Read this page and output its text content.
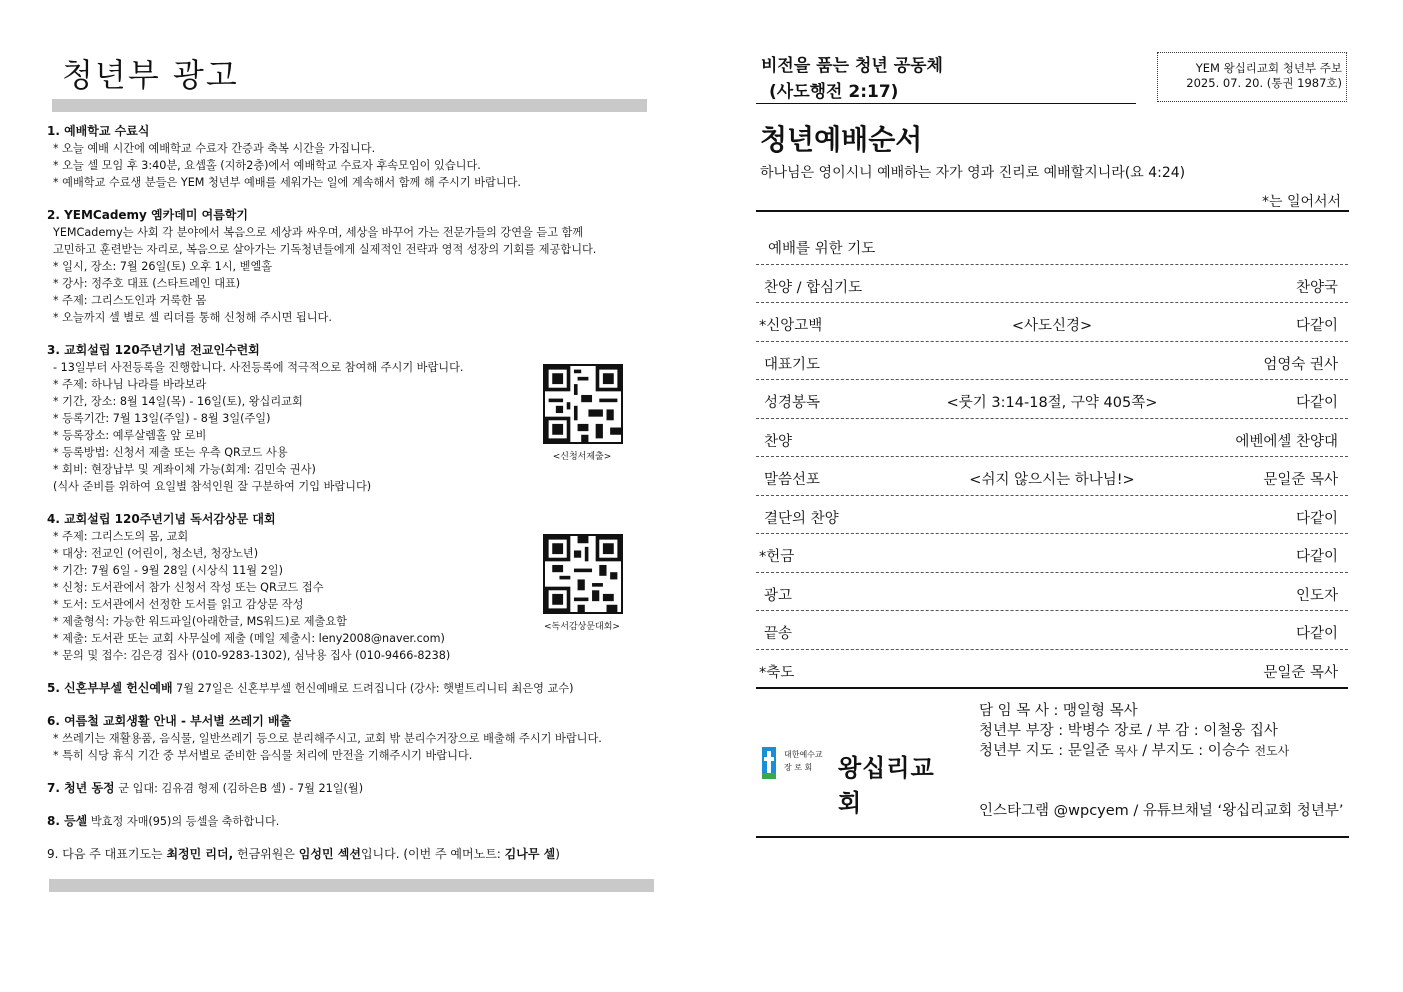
청년부 광고
1. 예배학교 수료식
* 오늘 예배 시간에 예배학교 수료자 간증과 축복 시간을 가집니다.
* 오늘 셀 모임 후 3:40분, 요셉홀 (지하2층)에서 예배학교 수료자 후속모임이 있습니다.
* 예배학교 수료생 분들은 YEM 청년부 예배를 세워가는 일에 계속해서 함께 해 주시기 바랍니다.
2. YEMCademy 옘카데미 여름학기
YEMCademy는 사회 각 분야에서 복음으로 세상과 싸우며, 세상을 바꾸어 가는 전문가들의 강연을 듣고 함께
고민하고 훈련받는 자리로, 복음으로 살아가는 기독청년들에게 실제적인 전략과 영적 성장의 기회를 제공합니다.
* 일시, 장소: 7월 26일(토) 오후 1시, 벧엘홀
* 강사: 정주호 대표 (스타트레인 대표)
* 주제: 그리스도인과 거룩한 몸
* 오늘까지 셀 별로 셀 리더를 통해 신청해 주시면 됩니다.
3. 교회설립 120주년기념 전교인수련회
- 13일부터 사전등록을 진행합니다. 사전등록에 적극적으로 참여해 주시기 바랍니다.
* 주제: 하나님 나라를 바라보라
* 기간, 장소: 8월 14일(목) - 16일(토), 왕십리교회
* 등록기간: 7월 13일(주일) - 8월 3일(주일)
* 등록장소: 예루살렘홀 앞 로비
* 등록방법: 신청서 제출 또는 우측 QR코드 사용
* 회비: 현장납부 및 계좌이체 가능(회계: 김민숙 권사)
(식사 준비를 위하여 요일별 참석인원 잘 구분하여 기입 바랍니다)
4. 교회설립 120주년기념 독서감상문 대회
* 주제: 그리스도의 몸, 교회
* 대상: 전교인 (어린이, 청소년, 청장노년)
* 기간: 7월 6일 - 9월 28일 (시상식 11월 2일)
* 신청: 도서관에서 참가 신청서 작성 또는 QR코드 접수
* 도서: 도서관에서 선정한 도서를 읽고 감상문 작성
* 제출형식: 가능한 워드파일(아래한글, MS워드)로 제출요함
* 제출: 도서관 또는 교회 사무실에 제출 (메일 제출시: leny2008@naver.com)
* 문의 및 접수: 김은경 집사 (010-9283-1302), 심낙용 집사 (010-9466-8238)
5. 신혼부부셀 헌신예배 7월 27일은 신혼부부셀 헌신예배로 드려집니다 (강사: 햇볕트리니티 최은영 교수)
6. 여름철 교회생활 안내 - 부서별 쓰레기 배출
* 쓰레기는 재활용품, 음식물, 일반쓰레기 등으로 분리해주시고, 교회 밖 분리수거장으로 배출해 주시기 바랍니다.
* 특히 식당 휴식 기간 중 부서별로 준비한 음식물 처리에 만전을 기해주시기 바랍니다.
7. 청년 동정 군 입대: 김유겸 형제 (김하은B 셀) - 7월 21일(월)
8. 등셀 박효정 자매(95)의 등셀을 축하합니다.
9. 다음 주 대표기도는 최정민 리더, 헌금위원은 임성민 섹션입니다. (이번 주 예머노트: 김나무 셀)
<신청서제출>
<독서감상문대회>
비전을 품는 청년 공동체
(사도행전 2:17)
YEM 왕십리교회 청년부 주보
2025. 07. 20. (통권 1987호)
청년예배순서
하나님은 영이시니 예배하는 자가 영과 진리로 예배할지니라(요 4:24)
*는 일어서서
예배를 위한 기도
찬양 / 합심기도	찬양국
*신앙고백	<사도신경>	다같이
대표기도	엄영숙 권사
성경봉독	<룻기 3:14-18절, 구약 405쪽>	다같이
찬양	에벤에셀 찬양대
말씀선포	<쉬지 않으시는 하나님!>	문일준 목사
결단의 찬양	다같이
*헌금	다같이
광고	인도자
끝송	다같이
*축도	문일준 목사
대한예수교
장 로 회	왕십리교회
담 임 목 사 : 맹일형 목사
청년부 부장 : 박병수 장로 / 부 감 : 이철웅 집사
청년부 지도 : 문일준 목사 / 부지도 : 이승수 전도사
인스타그램 @wpcyem / 유튜브채널 ‘왕십리교회 청년부’
